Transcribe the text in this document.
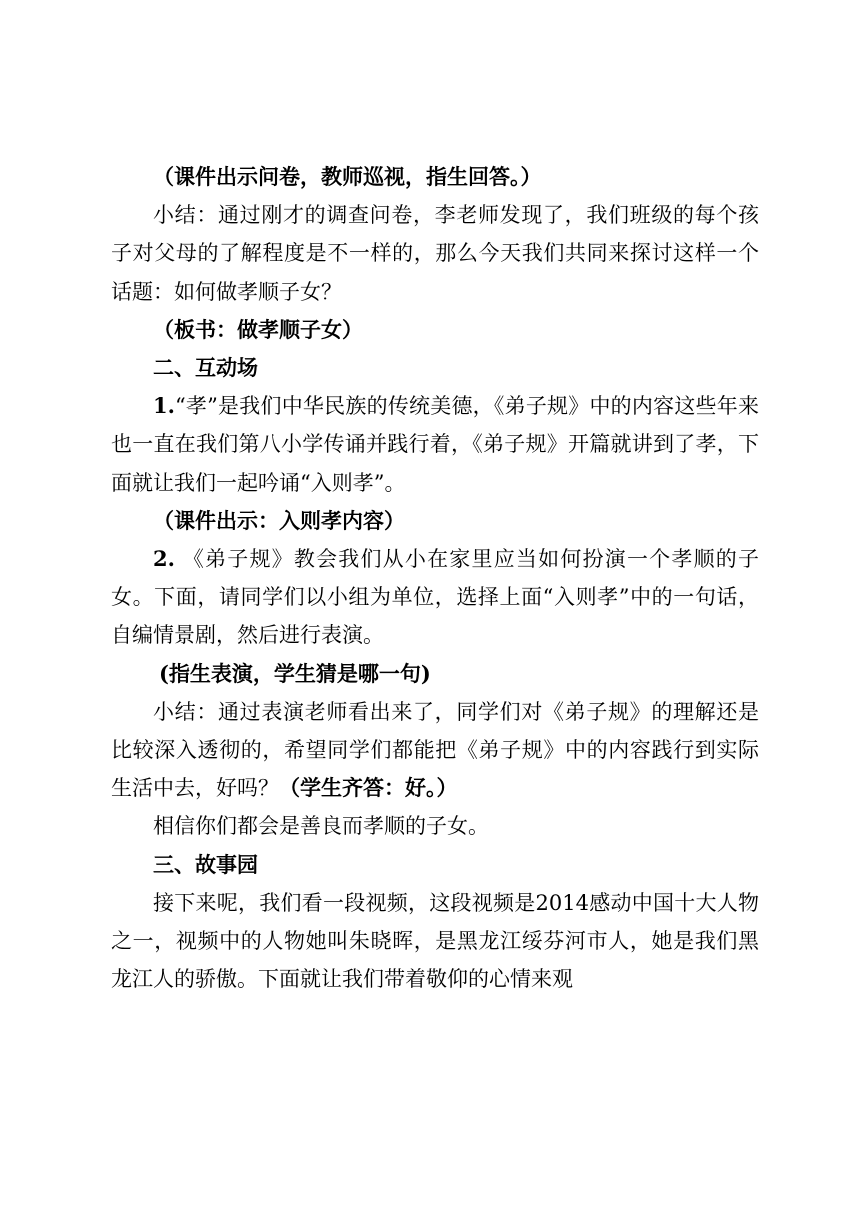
（课件出示问卷，教师巡视，指生回答。）

小结：通过刚才的调查问卷，李老师发现了，我们班级的每个孩子对父母的了解程度是不一样的，那么今天我们共同来探讨这样一个话题：如何做孝顺子女？

（板书：做孝顺子女）

二、互动场

1.“孝”是我们中华民族的传统美德，《弟子规》中的内容这些年来也一直在我们第八小学传诵并践行着，《弟子规》开篇就讲到了孝，下面就让我们一起吟诵“入则孝”。

（课件出示：入则孝内容）

2. 《弟子规》教会我们从小在家里应当如何扮演一个孝顺的子女。下面，请同学们以小组为单位，选择上面“入则孝”中的一句话，自编情景剧，然后进行表演。

(指生表演，学生猜是哪一句)

小结：通过表演老师看出来了，同学们对《弟子规》的理解还是比较深入透彻的，希望同学们都能把《弟子规》中的内容践行到实际生活中去，好吗？（学生齐答：好。）

相信你们都会是善良而孝顺的子女。

三、故事园

接下来呢，我们看一段视频，这段视频是2014感动中国十大人物之一，视频中的人物她叫朱晓晖，是黑龙江绥芬河市人，她是我们黑龙江人的骄傲。下面就让我们带着敬仰的心情来观
